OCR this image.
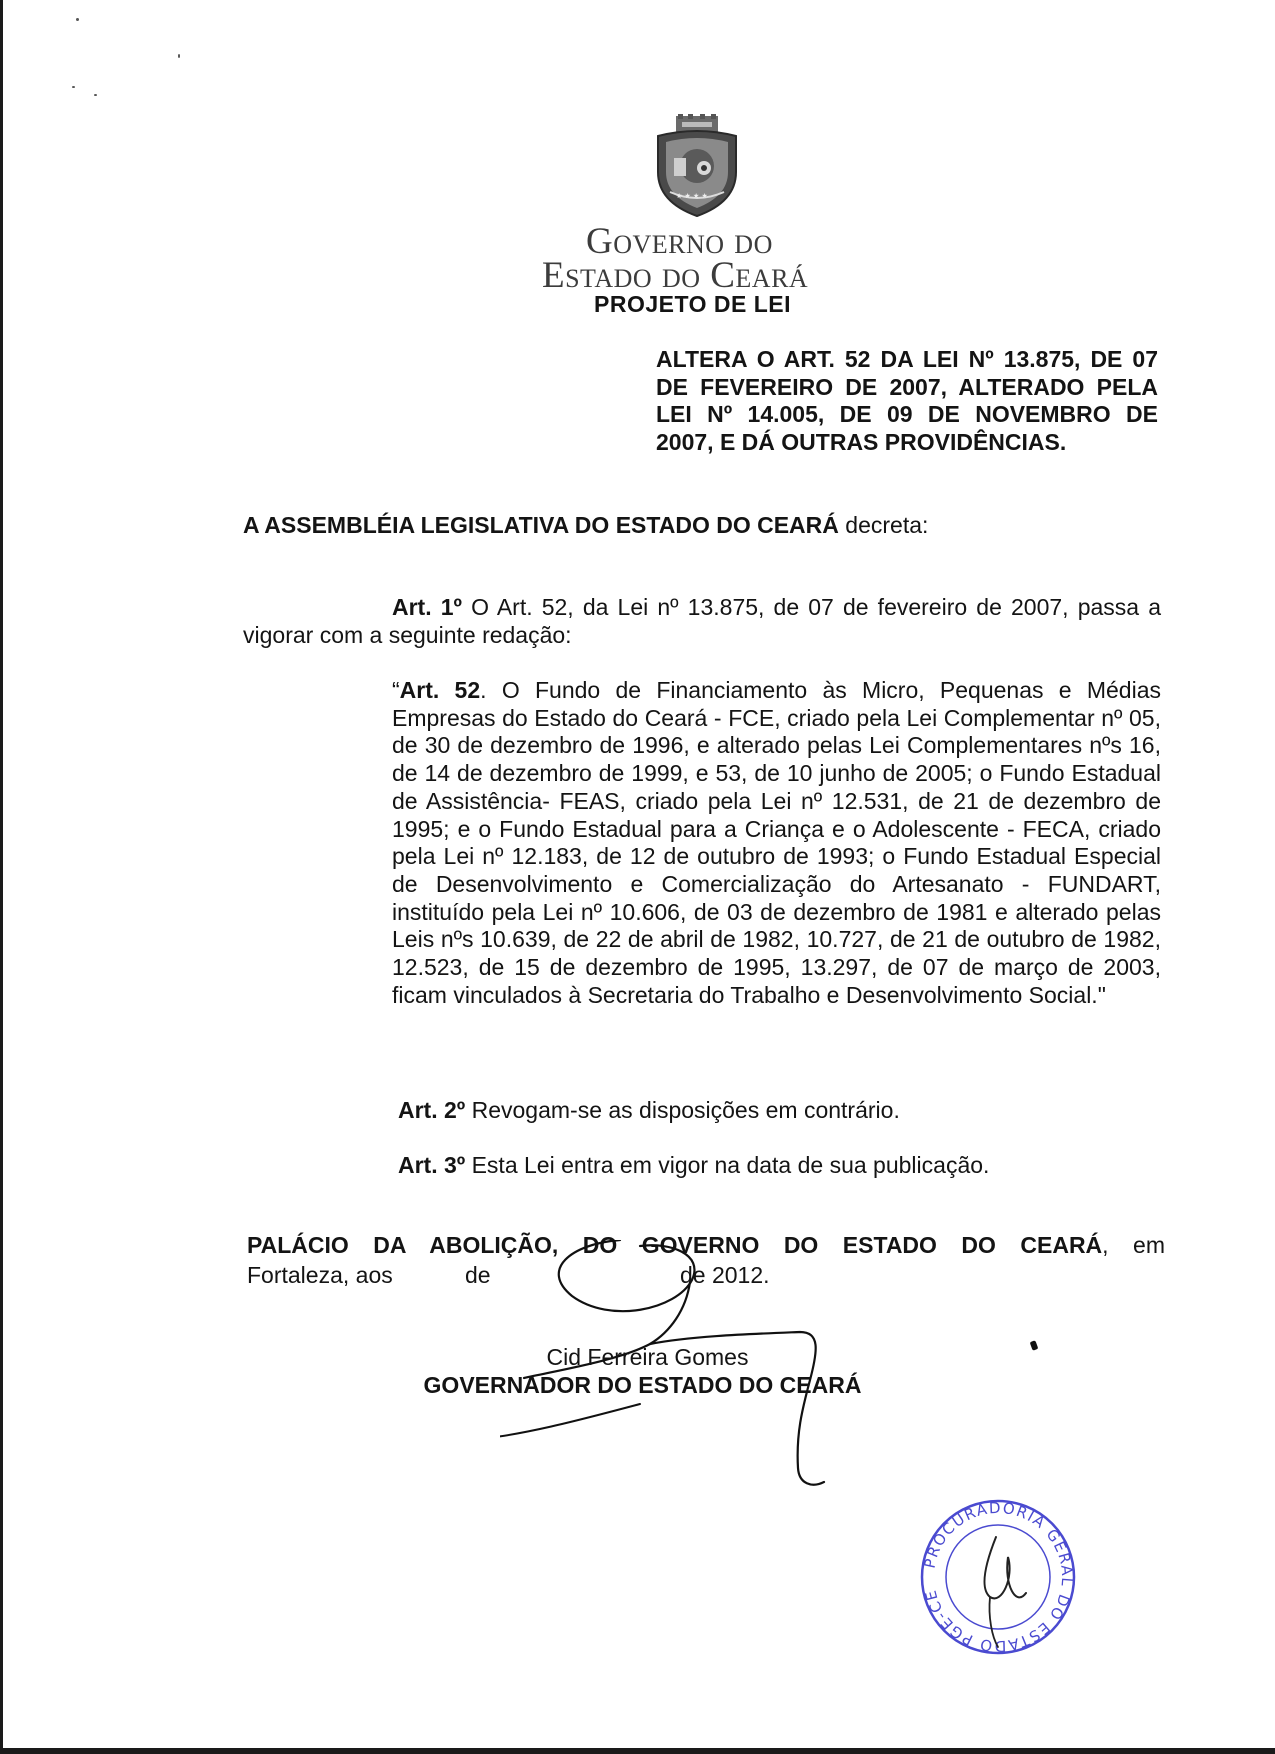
★ ★ ★ ★
Governo do
Estado do Ceará
PROJETO DE LEI
ALTERA O ART. 52 DA LEI Nº 13.875, DE 07 DE FEVEREIRO DE 2007, ALTERADO PELA LEI Nº 14.005, DE 09 DE NOVEMBRO DE 2007, E DÁ OUTRAS PROVIDÊNCIAS.
A ASSEMBLÉIA LEGISLATIVA DO ESTADO DO CEARÁ decreta:
Art. 1º O Art. 52, da Lei nº 13.875, de 07 de fevereiro de 2007, passa a vigorar com a seguinte redação:
“Art. 52. O Fundo de Financiamento às Micro, Pequenas e Médias Empresas do Estado do Ceará - FCE, criado pela Lei Complementar nº 05, de 30 de dezembro de 1996, e alterado pelas Lei Complementares nºs 16, de 14 de dezembro de 1999, e 53, de 10 junho de 2005; o Fundo Estadual de Assistência- FEAS, criado pela Lei nº 12.531, de 21 de dezembro de 1995; e o Fundo Estadual para a Criança e o Adolescente - FECA, criado pela Lei nº 12.183, de 12 de outubro de 1993; o Fundo Estadual Especial de Desenvolvimento e Comercialização do Artesanato - FUNDART, instituído pela Lei nº 10.606, de 03 de dezembro de 1981 e alterado pelas Leis nºs 10.639, de 22 de abril de 1982, 10.727, de 21 de outubro de 1982, 12.523, de 15 de dezembro de 1995, 13.297, de 07 de março de 2003, ficam vinculados à Secretaria do Trabalho e Desenvolvimento Social."
Art. 2º Revogam-se as disposições em contrário.
Art. 3º Esta Lei entra em vigor na data de sua publicação.
PALÁCIO DA ABOLIÇÃO, DO GOVERNO DO ESTADO DO CEARÁ, em
Fortaleza, aos	de	de 2012.
Cid Ferreira Gomes
GOVERNADOR DO ESTADO DO CEARÁ
PROCURADORIA GERAL DO ESTADO PGE-CE
